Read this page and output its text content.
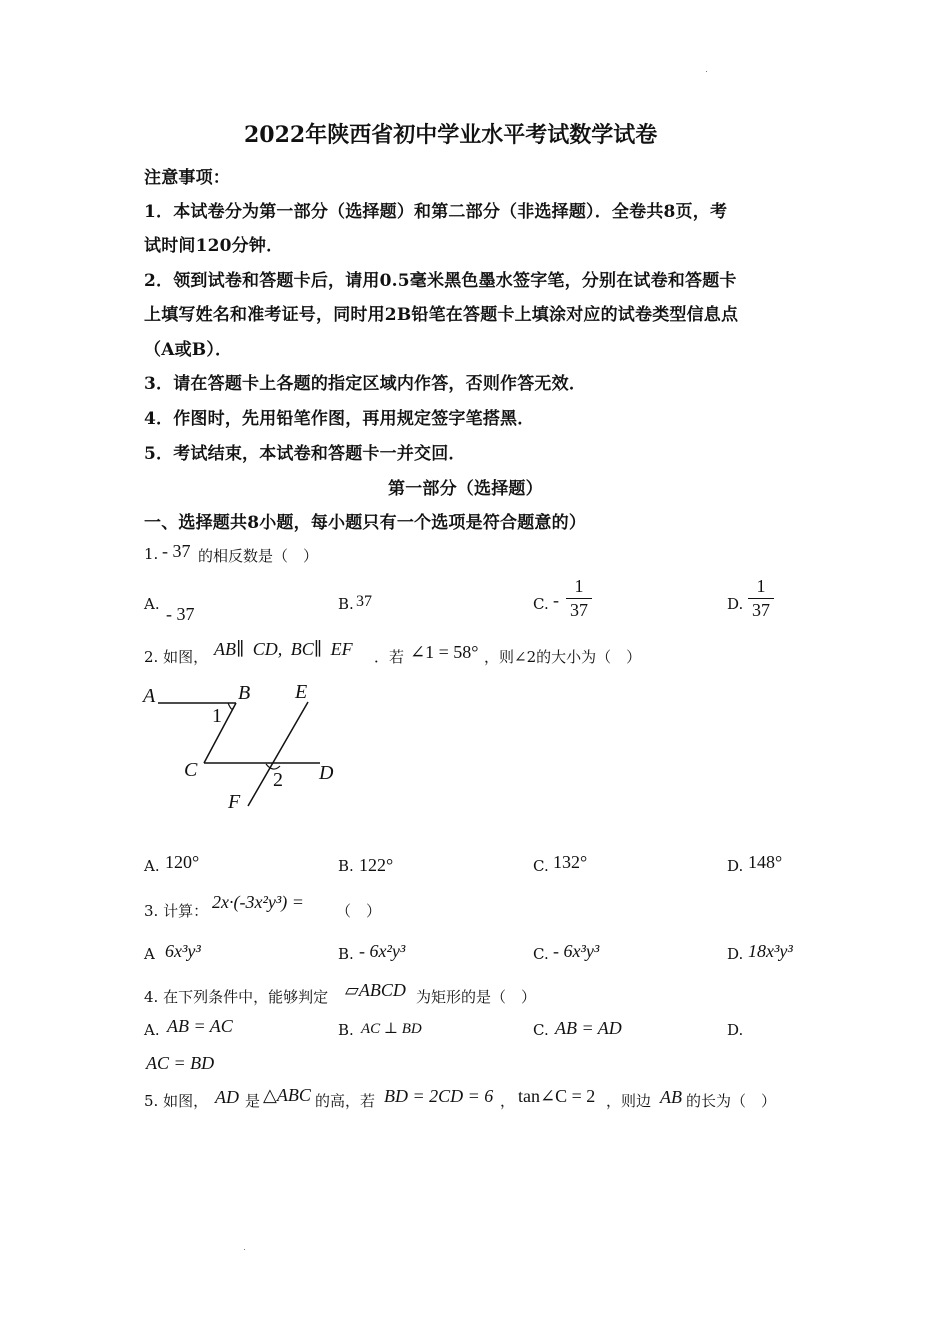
2022年陕西省初中学业水平考试数学试卷
注意事项：
1．本试卷分为第一部分（选择题）和第二部分（非选择题）．全卷共8页，考
试时间120分钟．
2．领到试卷和答题卡后，请用0.5毫米黑色墨水签字笔，分别在试卷和答题卡
上填写姓名和准考证号，同时用2B铅笔在答题卡上填涂对应的试卷类型信息点
（A或B）．
3．请在答题卡上各题的指定区域内作答，否则作答无效．
4．作图时，先用铅笔作图，再用规定签字笔搭黑．
5．考试结束，本试卷和答题卡一并交回．
第一部分（选择题）
一、选择题共8小题，每小题只有一个选项是符合题意的）
1. - 37 的相反数是（　）
A. - 37	B. 37	C. -
1
37	D.
1
37
2. 如图， AB∥ CD, BC∥ EF ．若 ∠1 = 58° ，则∠2的大小为（　）
A	B E
1
C	2 D
F
A. 120°	B. 122°	C. 132°	D. 148°
3. 计算： 2x·(-3x²y³) = （　）
A 6x³y³	B. - 6x²y³	C. - 6x³y³	D. 18x³y³
4. 在下列条件中，能够判定 ▱ABCD 为矩形的是（　）
A. AB = AC	B. AC ⊥ BD	C. AB = AD	D.
AC = BD
5. 如图， AD 是 △ABC 的高，若 BD = 2CD = 6 ， tan∠C = 2 ，则边 AB 的长为（　）
